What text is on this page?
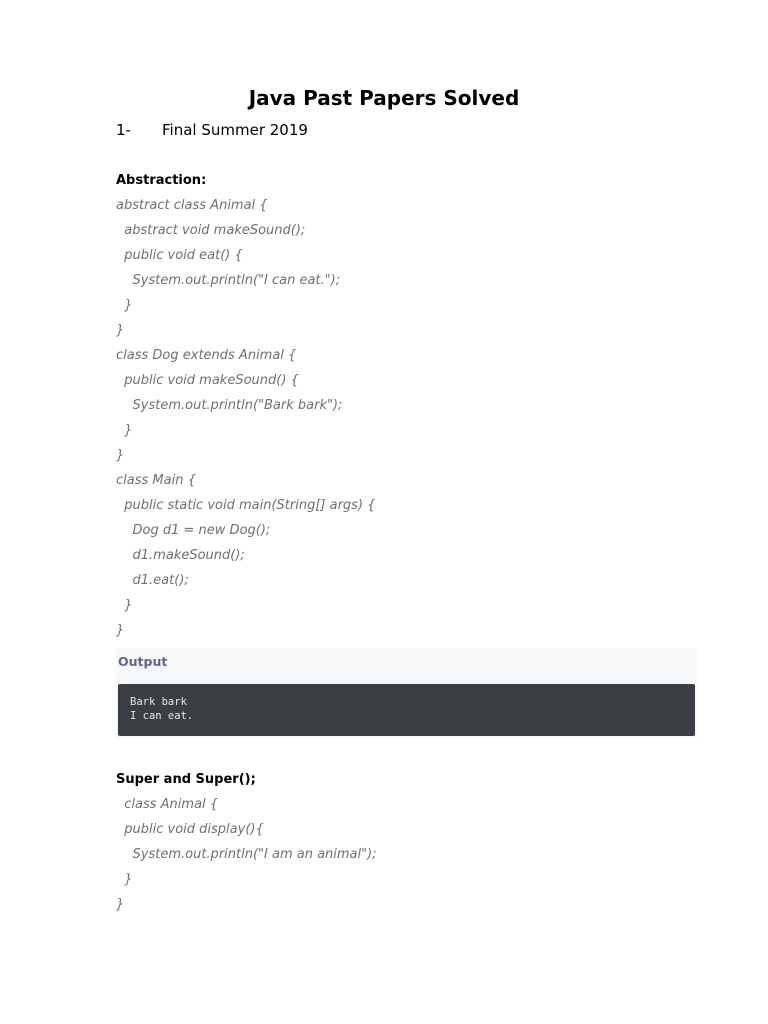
Java Past Papers Solved
1-	Final Summer 2019
Abstraction:
abstract class Animal {
abstract void makeSound();
public void eat() {
System.out.println("I can eat.");
}
}
class Dog extends Animal {
public void makeSound() {
System.out.println("Bark bark");
}
}
class Main {
public static void main(String[] args) {
Dog d1 = new Dog();
d1.makeSound();
d1.eat();
}
}
Output
Bark bark
I can eat.
Super and Super();
class Animal {
public void display(){
System.out.println("I am an animal");
}
}
